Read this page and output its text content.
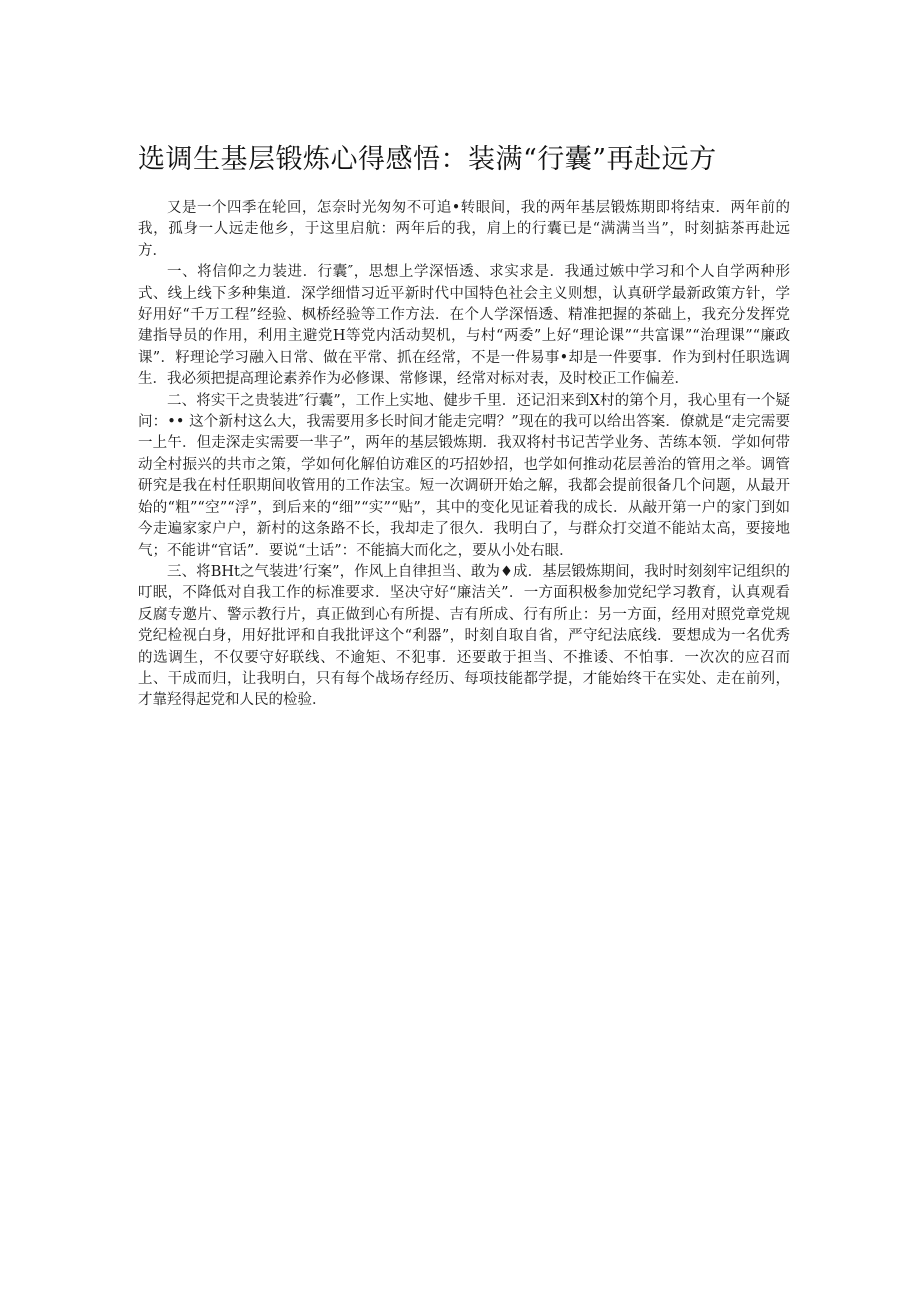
选调生基层锻炼心得感悟：装满“行囊”再赴远方

又是一个四季在轮回，怎奈时光匆匆不可追•转眼间，我的两年基层锻炼期即将结束．两年前的我，孤身一人远走他乡，于这里启航：两年后的我，肩上的行囊已是“满满当当”，时刻掂茶再赴远方．

一、将信仰之力装进．行囊″，思想上学深悟透、求实求是．我通过嫉中学习和个人自学两种形式、线上线下多种集道．深学细惜习近平新时代中国特色社会主义则想，认真研学最新政策方针，学好用好“千万工程”经验、枫桥经验等工作方法．在个人学深悟透、精准把握的茶础上，我充分发挥党建指导员的作用，利用主避党H等党内活动契机，与村“两委”上好“理论课”“共富课”“治理课”“廉政课”．籽理论学习融入日常、做在平常、抓在经常，不是一件易事•却是一件要事．作为到村任职选调生．我必须把提高理论素养作为必修课、常修课，经常对标对表，及时校正工作偏差．

二、将实干之贵装进″行囊”，工作上实地、健步千里．还记汨来到X村的第个月，我心里有一个疑问：•• 这个新村这么大，我需要用多长时间才能走完喟？”现在的我可以给出答案．僚就是“走完需要一上午．但走深走实需要一芈子”，两年的基层锻炼期．我双将村书记苦学业务、苦练本领．学如何带动全村振兴的共市之策，学如何化解伯访难区的巧招妙招，也学如何推动花层善治的管用之举。调管研究是我在村任职期间收管用的工作法宝。短一次调研开始之解，我都会提前很备几个问题，从最开始的“粗”“空”“浮”，到后来的“细”“实”“贴”，其中的变化见证着我的成长．从敲开第一户的家门到如今走遍家家户户，新村的这条路不长，我却走了很久．我明白了，与群众打交道不能站太高，要接地气；不能讲“官话”．要说“土话”：不能搞大而化之，要从小处右眼．

三、将BHt之气装进’行案”，作风上自律担当、敢为♦成．基层锻炼期间，我时时刻刻牢记组织的叮眠，不降低对自我工作的标准要求．坚决守好“廉洁关”．一方面积极参加党纪学习教育，认真观看反腐专邀片、警示教行片，真正做到心有所提、吉有所成、行有所止：另一方面，经用对照党章党规党纪检视白身，用好批评和自我批评这个“利器”，时刻自取自省，严守纪法底线．要想成为一名优秀的选调生，不仅要守好联线、不逾矩、不犯事．还要敢于担当、不推诿、不怕事．一次次的应召而上、干成而归，让我明白，只有每个战场存经历、每项技能都学提，才能始终干在实处、走在前列，才靠羟得起党和人民的检验．
